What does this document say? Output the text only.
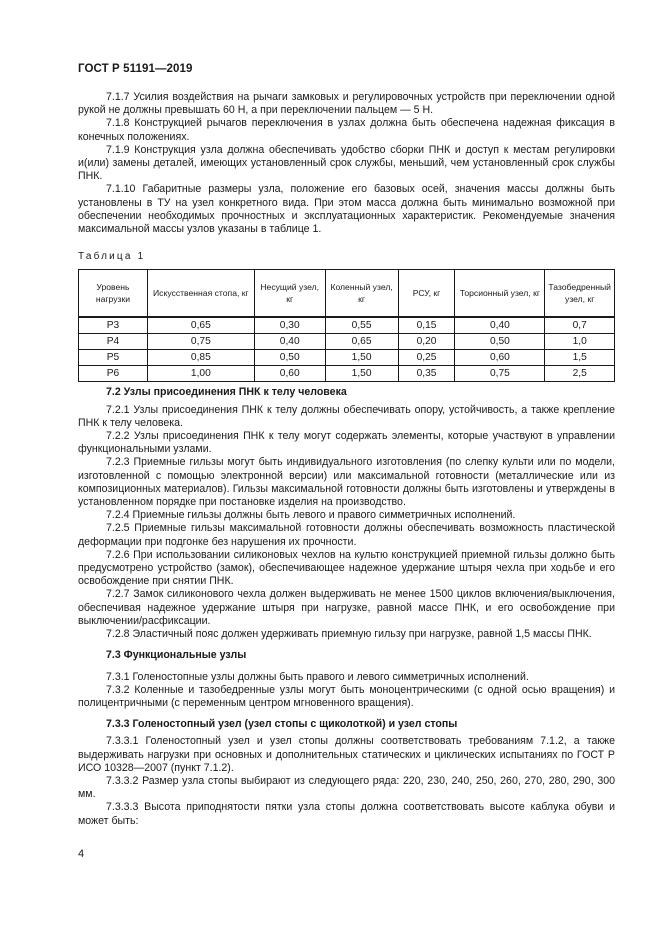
ГОСТ Р 51191—2019

7.1.7 Усилия воздействия на рычаги замковых и регулировочных устройств при переключении одной рукой не должны превышать 60 Н, а при переключении пальцем — 5 Н.

7.1.8 Конструкцией рычагов переключения в узлах должна быть обеспечена надежная фиксация в конечных положениях.

7.1.9 Конструкция узла должна обеспечивать удобство сборки ПНК и доступ к местам регулировки и(или) замены деталей, имеющих установленный срок службы, меньший, чем установленный срок службы ПНК.

7.1.10 Габаритные размеры узла, положение его базовых осей, значения массы должны быть установлены в ТУ на узел конкретного вида. При этом масса должна быть минимально возможной при обеспечении необходимых прочностных и эксплуатационных характеристик. Рекомендуемые значения максимальной массы узлов указаны в таблице 1.

Таблица 1
Уровень нагрузки	Искусственная стопа, кг	Несущий узел, кг	Коленный узел, кг	РСУ, кг	Торсионный узел, кг	Тазобедренный узел, кг
Р3	0,65	0,30	0,55	0,15	0,40	0,7
Р4	0,75	0,40	0,65	0,20	0,50	1,0
Р5	0,85	0,50	1,50	0,25	0,60	1,5
Р6	1,00	0,60	1,50	0,35	0,75	2,5

7.2 Узлы присоединения ПНК к телу человека

7.2.1 Узлы присоединения ПНК к телу должны обеспечивать опору, устойчивость, а также крепление ПНК к телу человека.

7.2.2 Узлы присоединения ПНК к телу могут содержать элементы, которые участвуют в управлении функциональными узлами.

7.2.3 Приемные гильзы могут быть индивидуального изготовления (по слепку культи или по модели, изготовленной с помощью электронной версии) или максимальной готовности (металлические или из композиционных материалов). Гильзы максимальной готовности должны быть изготовлены и утверждены в установленном порядке при постановке изделия на производство.

7.2.4 Приемные гильзы должны быть левого и правого симметричных исполнений.

7.2.5 Приемные гильзы максимальной готовности должны обеспечивать возможность пластической деформации при подгонке без нарушения их прочности.

7.2.6 При использовании силиконовых чехлов на культю конструкцией приемной гильзы должно быть предусмотрено устройство (замок), обеспечивающее надежное удержание штыря чехла при ходьбе и его освобождение при снятии ПНК.

7.2.7 Замок силиконового чехла должен выдерживать не менее 1500 циклов включения/выключения, обеспечивая надежное удержание штыря при нагрузке, равной массе ПНК, и его освобождение при выключении/расфиксации.

7.2.8 Эластичный пояс должен удерживать приемную гильзу при нагрузке, равной 1,5 массы ПНК.

7.3 Функциональные узлы

7.3.1 Голеностопные узлы должны быть правого и левого симметричных исполнений.

7.3.2 Коленные и тазобедренные узлы могут быть моноцентрическими (с одной осью вращения) и полицентричными (с переменным центром мгновенного вращения).

7.3.3 Голеностопный узел (узел стопы с щиколоткой) и узел стопы

7.3.3.1 Голеностопный узел и узел стопы должны соответствовать требованиям 7.1.2, а также выдерживать нагрузки при основных и дополнительных статических и циклических испытаниях по ГОСТ Р ИСО 10328—2007 (пункт 7.1.2).

7.3.3.2 Размер узла стопы выбирают из следующего ряда: 220, 230, 240, 250, 260, 270, 280, 290, 300 мм.

7.3.3.3 Высота приподнятости пятки узла стопы должна соответствовать высоте каблука обуви и может быть:

4
